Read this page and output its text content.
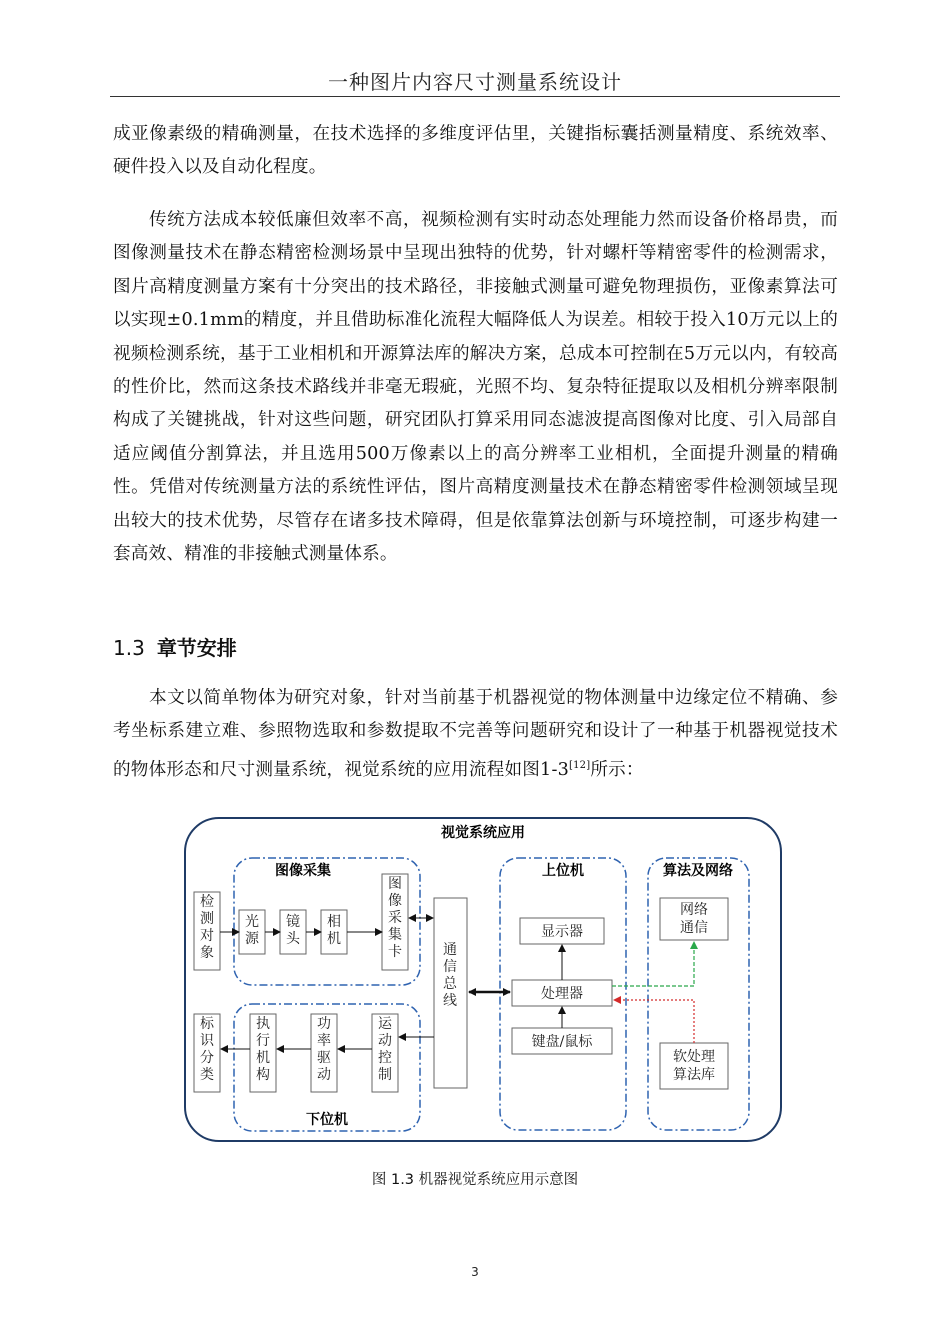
一种图片内容尺寸测量系统设计

成亚像素级的精确测量，在技术选择的多维度评估里，关键指标囊括测量精度、系统效率、硬件投入以及自动化程度。

传统方法成本较低廉但效率不高，视频检测有实时动态处理能力然而设备价格昂贵，而图像测量技术在静态精密检测场景中呈现出独特的优势，针对螺杆等精密零件的检测需求，图片高精度测量方案有十分突出的技术路径，非接触式测量可避免物理损伤，亚像素算法可以实现±0.1mm的精度，并且借助标准化流程大幅降低人为误差。相较于投入10万元以上的视频检测系统，基于工业相机和开源算法库的解决方案，总成本可控制在5万元以内，有较高的性价比，然而这条技术路线并非毫无瑕疵，光照不均、复杂特征提取以及相机分辨率限制构成了关键挑战，针对这些问题，研究团队打算采用同态滤波提高图像对比度、引入局部自适应阈值分割算法，并且选用500万像素以上的高分辨率工业相机，全面提升测量的精确性。凭借对传统测量方法的系统性评估，图片高精度测量技术在静态精密零件检测领域呈现出较大的技术优势，尽管存在诸多技术障碍，但是依靠算法创新与环境控制，可逐步构建一套高效、精准的非接触式测量体系。

1.3 章节安排

本文以简单物体为研究对象，针对当前基于机器视觉的物体测量中边缘定位不精确、参考坐标系建立难、参照物选取和参数提取不完善等问题研究和设计了一种基于机器视觉技术的物体形态和尺寸测量系统，视觉系统的应用流程如图1-3[12]所示：

视觉系统应用
图像采集
下位机
上位机	算法及网络
检测对象
光源
镜头
相机
图像采集卡	通信总线
标识分类
执行机构
功率驱动
运动控制
显示器
处理器
键盘/鼠标
网络通信
软处理算法库
图 1.3 机器视觉系统应用示意图
3
